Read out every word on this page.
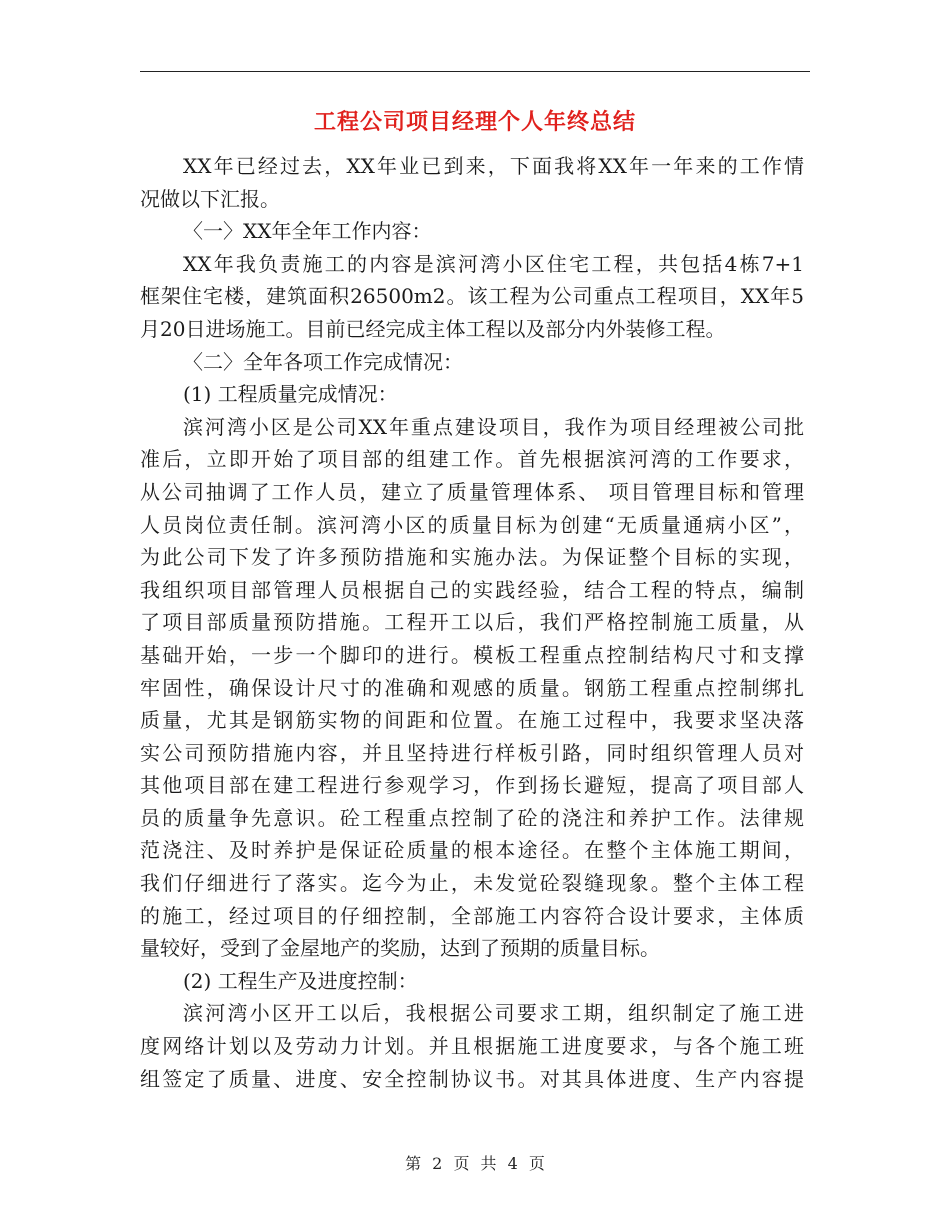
工程公司项目经理个人年终总结
XX年已经过去，XX年业已到来，下面我将XX年一年来的工作情
况做以下汇报。
〈一〉XX年全年工作内容：
XX年我负责施工的内容是滨河湾小区住宅工程，共包括4栋7+1
框架住宅楼，建筑面积26500m2。该工程为公司重点工程项目，XX年5
月20日进场施工。目前已经完成主体工程以及部分内外装修工程。
〈二〉全年各项工作完成情况：
(1) 工程质量完成情况：
滨河湾小区是公司XX年重点建设项目，我作为项目经理被公司批
准后，立即开始了项目部的组建工作。首先根据滨河湾的工作要求，
从公司抽调了工作人员，建立了质量管理体系、 项目管理目标和管理
人员岗位责任制。滨河湾小区的质量目标为创建“无质量通病小区”，
为此公司下发了许多预防措施和实施办法。为保证整个目标的实现，
我组织项目部管理人员根据自己的实践经验，结合工程的特点，编制
了项目部质量预防措施。工程开工以后，我们严格控制施工质量，从
基础开始，一步一个脚印的进行。模板工程重点控制结构尺寸和支撑
牢固性，确保设计尺寸的准确和观感的质量。钢筋工程重点控制绑扎
质量，尤其是钢筋实物的间距和位置。在施工过程中，我要求坚决落
实公司预防措施内容，并且坚持进行样板引路，同时组织管理人员对
其他项目部在建工程进行参观学习，作到扬长避短，提高了项目部人
员的质量争先意识。砼工程重点控制了砼的浇注和养护工作。法律规
范浇注、及时养护是保证砼质量的根本途径。在整个主体施工期间，
我们仔细进行了落实。迄今为止，未发觉砼裂缝现象。整个主体工程
的施工，经过项目的仔细控制，全部施工内容符合设计要求，主体质
量较好，受到了金屋地产的奖励，达到了预期的质量目标。
(2) 工程生产及进度控制：
滨河湾小区开工以后，我根据公司要求工期，组织制定了施工进
度网络计划以及劳动力计划。并且根据施工进度要求，与各个施工班
组签定了质量、进度、安全控制协议书。对其具体进度、生产内容提
第 2 页 共 4 页
